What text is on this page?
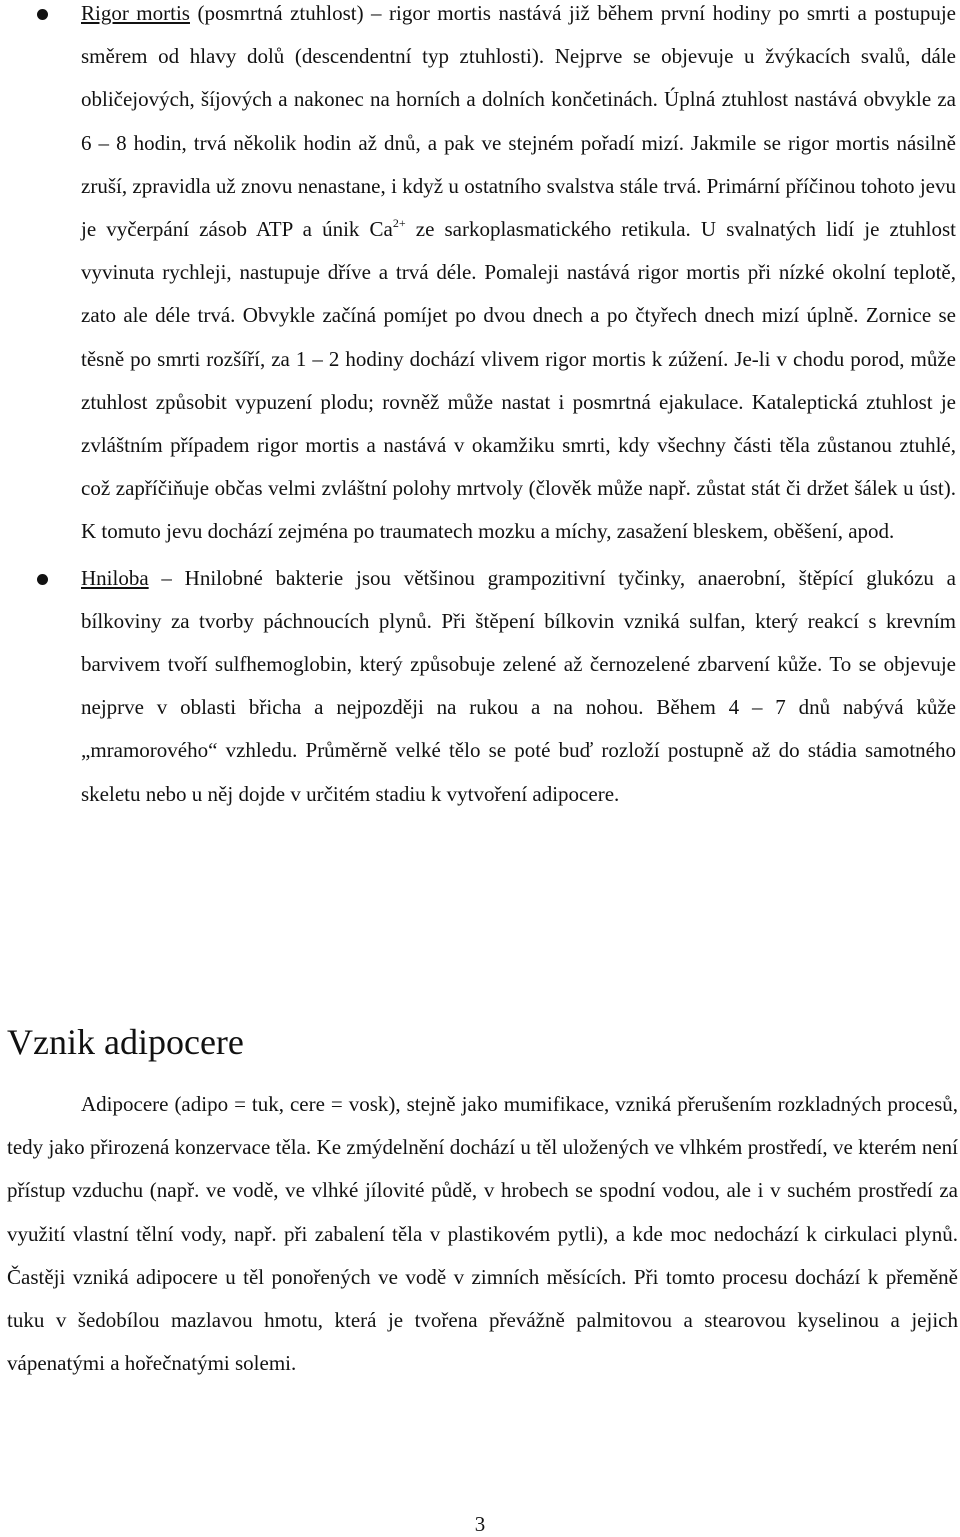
Rigor mortis (posmrtná ztuhlost) – rigor mortis nastává již během první hodiny po smrti a postupuje směrem od hlavy dolů (descendentní typ ztuhlosti). Nejprve se objevuje u žvýkacích svalů, dále obličejových, šíjových a nakonec na horních a dolních končetinách. Úplná ztuhlost nastává obvykle za 6 – 8 hodin, trvá několik hodin až dnů, a pak ve stejném pořadí mizí. Jakmile se rigor mortis násilně zruší, zpravidla už znovu nenastane, i když u ostatního svalstva stále trvá. Primární příčinou tohoto jevu je vyčerpání zásob ATP a únik $Ca^{2+}$ ze sarkoplasmatického retikula. U svalnatých lidí je ztuhlost vyvinuta rychleji, nastupuje dříve a trvá déle. Pomaleji nastává rigor mortis při nízké okolní teplotě, zato ale déle trvá. Obvykle začíná pomíjet po dvou dnech a po čtyřech dnech mizí úplně. Zornice se těsně po smrti rozšíří, za 1 – 2 hodiny dochází vlivem rigor mortis k zúžení. Je-li v chodu porod, může ztuhlost způsobit vypuzení plodu; rovněž může nastat i posmrtná ejakulace. Kataleptická ztuhlost je zvláštním případem rigor mortis a nastává v okamžiku smrti, kdy všechny části těla zůstanou ztuhlé, což zapříčiňuje občas velmi zvláštní polohy mrtvoly (člověk může např. zůstat stát či držet šálek u úst). K tomuto jevu dochází zejména po traumatech mozku a míchy, zasažení bleskem, oběšení, apod.
Hniloba – Hnilobné bakterie jsou většinou grampozitivní tyčinky, anaerobní, štěpící glukózu a bílkoviny za tvorby páchnoucích plynů. Při štěpení bílkovin vzniká sulfan, který reakcí s krevním barvivem tvoří sulfhemoglobin, který způsobuje zelené až černozelené zbarvení kůže. To se objevuje nejprve v oblasti břicha a nejpozději na rukou a na nohou. Během 4 – 7 dnů nabývá kůže „mramorového“ vzhledu. Průměrně velké tělo se poté buď rozloží postupně až do stádia samotného skeletu nebo u něj dojde v určitém stadiu k vytvoření adipocere.
Vznik adipocere

Adipocere (adipo = tuk, cere = vosk), stejně jako mumifikace, vzniká přerušením rozkladných procesů, tedy jako přirozená konzervace těla. Ke zmýdelnění dochází u těl uložených ve vlhkém prostředí, ve kterém není přístup vzduchu (např. ve vodě, ve vlhké jílovité půdě, v hrobech se spodní vodou, ale i v suchém prostředí za využití vlastní tělní vody, např. při zabalení těla v plastikovém pytli), a kde moc nedochází k cirkulaci plynů. Častěji vzniká adipocere u těl ponořených ve vodě v zimních měsících. Při tomto procesu dochází k přeměně tuku v šedobílou mazlavou hmotu, která je tvořena převážně palmitovou a stearovou kyselinou a jejich vápenatými a hořečnatými solemi.

3
